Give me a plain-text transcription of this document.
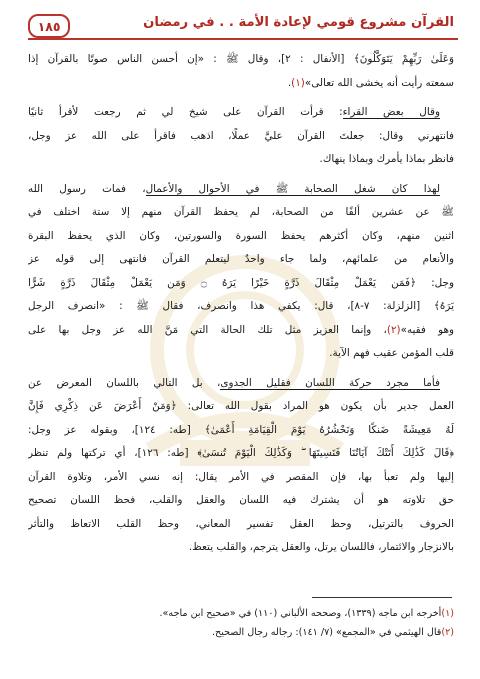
القرآن مشروع قومي لإعادة الأمة . . في رمضان
١٨٥
وَعَلَىٰ رَبِّهِمْ يَتَوَكَّلُونَ﴾ [الأنفال : ٢]، وقال ﷺ : «إن أحسن الناس صوتًا بالقرآن إذا
سمعته رأيت أنه يخشى الله تعالى»(١).
وقال بعض القراء: قرأت القرآن على شيخ لي ثم رجعت لأقرأ ثانيًا
فانتهرني وقال: جعلتَ القرآن عليَّ عملًا، اذهب فاقرأ على الله عز وجل،
فانظر بماذا يأمرك وبماذا ينهاك.
لهذا كان شغل الصحابة ﷺ في الأحوال والأعمال، فمات رسول الله
ﷺ عن عشرين ألفًا من الصحابة، لم يحفظ القرآن منهم إلا ستة اختلف في
اثنين منهم، وكان أكثرهم يحفظ السورة والسورتين، وكان الذي يحفظ البقرة
والأنعام من علمائهم، ولما جاء واحدٌ ليتعلم القرآن فانتهى إلى قوله عز
وجل: ﴿فَمَن يَعْمَلْ مِثْقَالَ ذَرَّةٍ خَيْرًا يَرَهُ ۝ وَمَن يَعْمَلْ مِثْقَالَ ذَرَّةٍ شَرًّا
يَرَهُ﴾ [الزلزلة: ٧-٨]، قال: يكفي هذا وانصرف، فقال ﷺ : «انصرف الرجل
وهو فقيه»(٢)، وإنما العزيز مثل تلك الحالة التي مَنَّ الله عز وجل بها على
قلب المؤمن عقيب فهم الآية.
فأما مجرد حركة اللسان فقليل الجدوى، بل التالي باللسان المعرض عن
العمل جدير بأن يكون هو المراد بقول الله تعالى: ﴿وَمَنْ أَعْرَضَ عَن ذِكْرِي فَإِنَّ
لَهُ مَعِيشَةً ضَنكًا وَنَحْشُرُهُ يَوْمَ الْقِيَامَةِ أَعْمَىٰ﴾ [طه: ١٢٤]، وبقوله عز وجل:
﴿قَالَ كَذَٰلِكَ أَتَتْكَ آيَاتُنَا فَنَسِيتَهَا ۖ وَكَذَٰلِكَ الْيَوْمَ تُنسَىٰ﴾ [طه: ١٢٦]، أي تركتها ولم تنظر
إليها ولم تعبأ بها، فإن المقصر في الأمر يقال: إنه نسي الأمر، وتلاوة القرآن
حق تلاوته هو أن يشترك فيه اللسان والعقل والقلب، فحظ اللسان تصحيح
الحروف بالترتيل، وحظ العقل تفسير المعاني، وحظ القلب الاتعاظ والتأثر
بالانزجار والائتمار، فاللسان يرتل، والعقل يترجم، والقلب يتعظ.
(١)أخرجه ابن ماجه (١٣٣٩)، وصححه الألباني (١١٠) في «صحيح ابن ماجه».
(٢)قال الهيثمي في «المجمع» (٧/ ١٤١): رجاله رجال الصحيح.
